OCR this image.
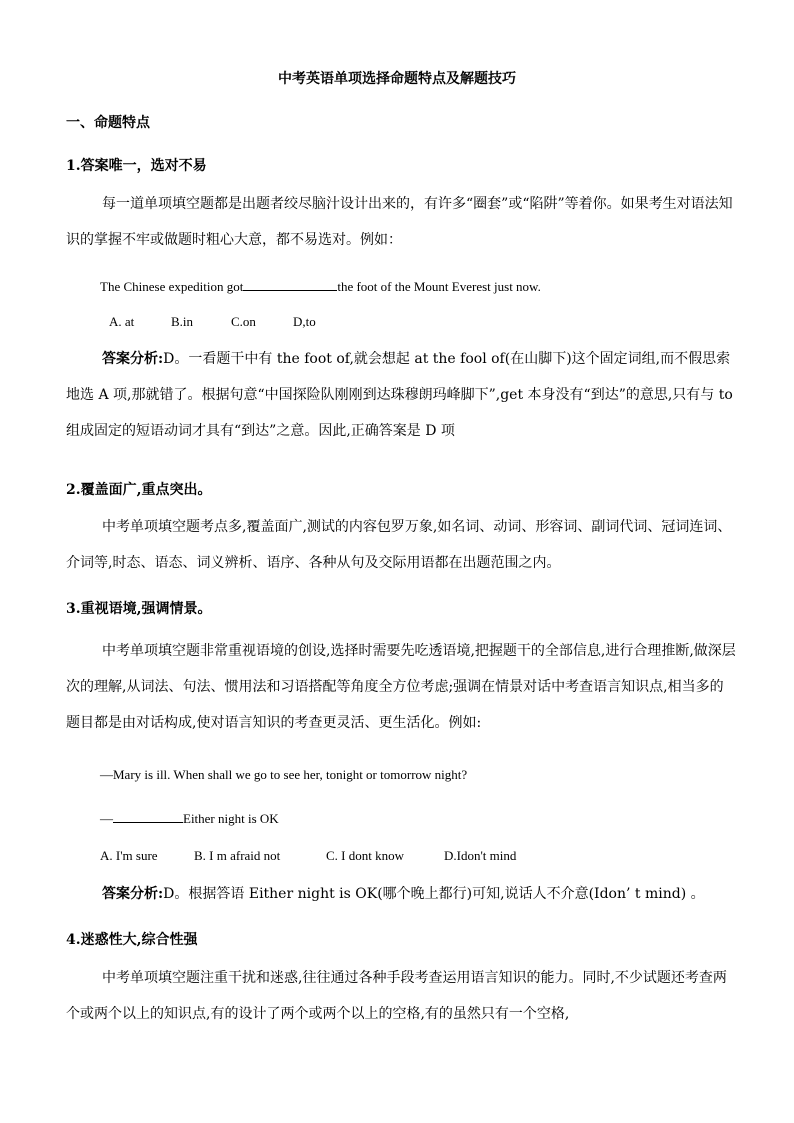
中考英语单项选择命题特点及解题技巧
一、命题特点
1.答案唯一，选对不易
每一道单项填空题都是出题者绞尽脑汁设计出来的，有许多“圈套”或“陷阱”等着你。如果考生对语法知识的掌握不牢或做题时粗心大意，都不易选对。例如：
The Chinese expedition got	the foot of the Mount Everest just now.
A. at	B.in	C.on	D,to
答案分析:D。一看题干中有 the foot of,就会想起 at the fool of(在山脚下)这个固定词组,而不假思索地选 A 项,那就错了。根据句意“中国探险队刚刚到达珠穆朗玛峰脚下”,get 本身没有“到达”的意思,只有与 to 组成固定的短语动词才具有“到达”之意。因此,正确答案是 D 项
2.覆盖面广,重点突出。
中考单项填空题考点多,覆盖面广,测试的内容包罗万象,如名词、动词、形容词、副词代词、冠词连词、介词等,时态、语态、词义辨析、语序、各种从句及交际用语都在出题范围之内。
3.重视语境,强调情景。
中考单项填空题非常重视语境的创设,选择时需要先吃透语境,把握题干的全部信息,进行合理推断,做深层次的理解,从词法、句法、惯用法和习语搭配等角度全方位考虑;强调在情景对话中考查语言知识点,相当多的题目都是由对话构成,使对语言知识的考查更灵活、更生活化。例如:
—Mary is ill. When shall we go to see her, tonight or tomorrow night?
—	Either night is OK
A. I'm sure	B. I m afraid not	C. I dont know	D.Idon't mind
答案分析:D。根据答语 Either night is OK(哪个晚上都行)可知,说话人不介意(Idon’ t mind) 。
4.迷惑性大,综合性强
中考单项填空题注重干扰和迷惑,往往通过各种手段考查运用语言知识的能力。同时,不少试题还考查两个或两个以上的知识点,有的设计了两个或两个以上的空格,有的虽然只有一个空格,
